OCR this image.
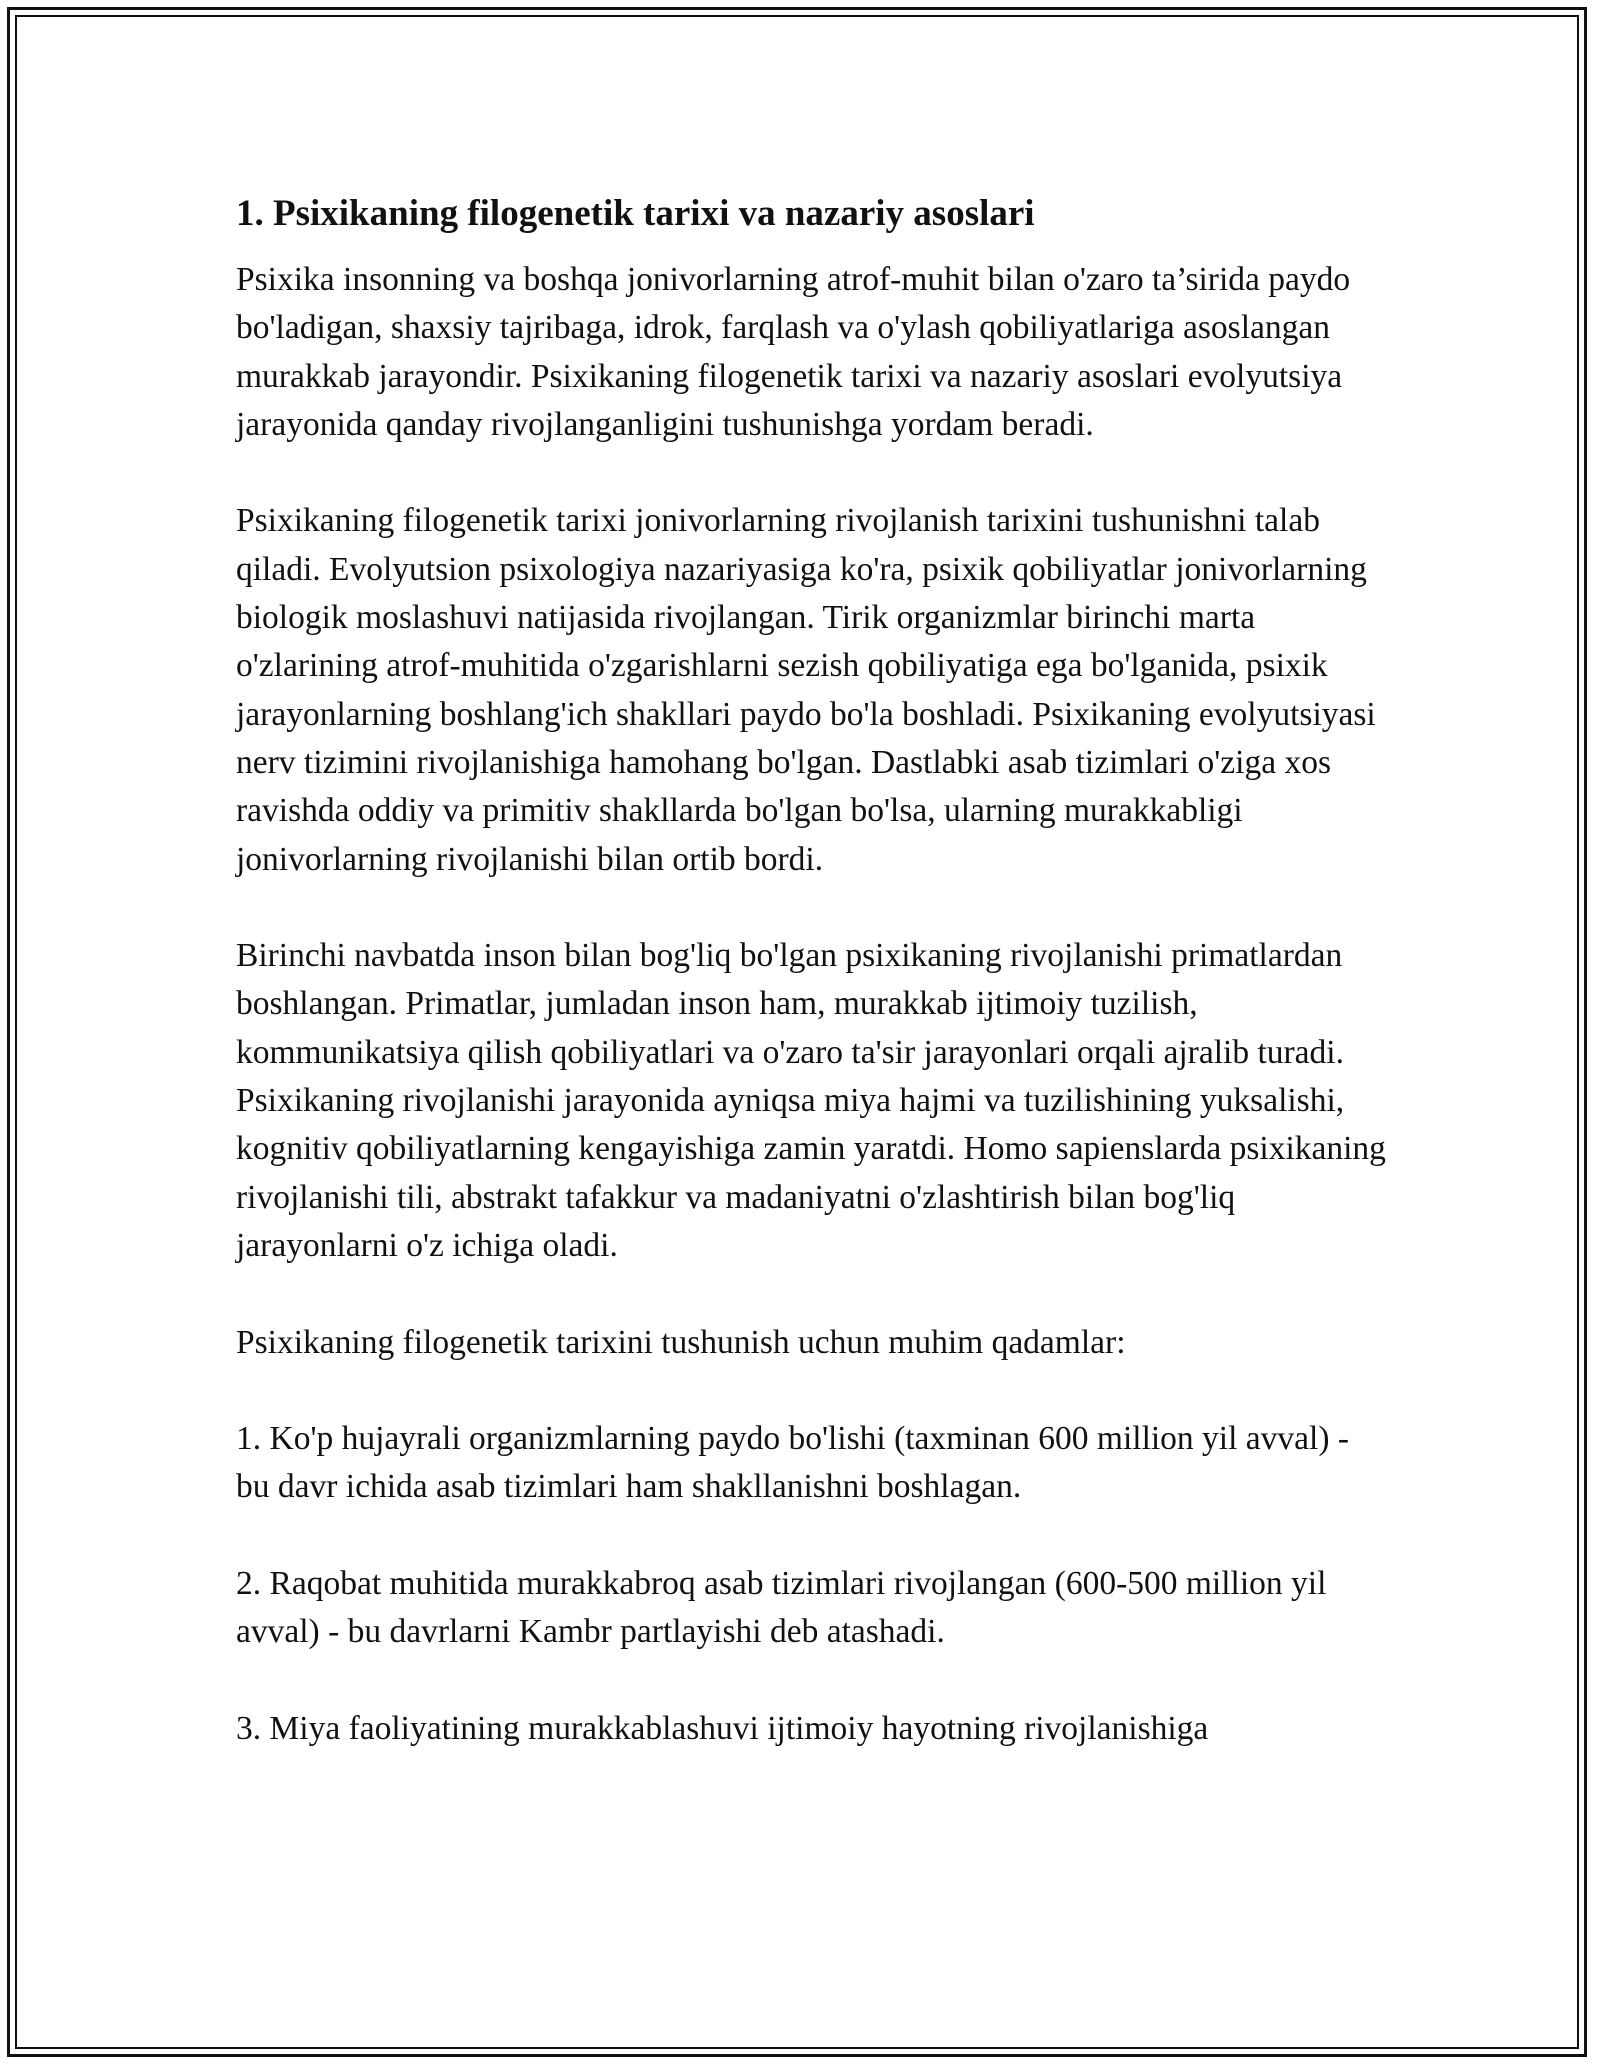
1. Psixikaning filogenetik tarixi va nazariy asoslari

Psixika insonning va boshqa jonivorlarning atrof-muhit bilan o'zaro ta’sirida paydo bo'ladigan, shaxsiy tajribaga, idrok, farqlash va o'ylash qobiliyatlariga asoslangan murakkab jarayondir. Psixikaning filogenetik tarixi va nazariy asoslari evolyutsiya jarayonida qanday rivojlanganligini tushunishga yordam beradi.

Psixikaning filogenetik tarixi jonivorlarning rivojlanish tarixini tushunishni talab qiladi. Evolyutsion psixologiya nazariyasiga ko'ra, psixik qobiliyatlar jonivorlarning biologik moslashuvi natijasida rivojlangan. Tirik organizmlar birinchi marta o'zlarining atrof-muhitida o'zgarishlarni sezish qobiliyatiga ega bo'lganida, psixik jarayonlarning boshlang'ich shakllari paydo bo'la boshladi. Psixikaning evolyutsiyasi nerv tizimini rivojlanishiga hamohang bo'lgan. Dastlabki asab tizimlari o'ziga xos ravishda oddiy va primitiv shakllarda bo'lgan bo'lsa, ularning murakkabligi jonivorlarning rivojlanishi bilan ortib bordi.

Birinchi navbatda inson bilan bog'liq bo'lgan psixikaning rivojlanishi primatlardan boshlangan. Primatlar, jumladan inson ham, murakkab ijtimoiy tuzilish, kommunikatsiya qilish qobiliyatlari va o'zaro ta'sir jarayonlari orqali ajralib turadi. Psixikaning rivojlanishi jarayonida ayniqsa miya hajmi va tuzilishining yuksalishi, kognitiv qobiliyatlarning kengayishiga zamin yaratdi. Homo sapienslarda psixikaning rivojlanishi tili, abstrakt tafakkur va madaniyatni o'zlashtirish bilan bog'liq jarayonlarni o'z ichiga oladi.

Psixikaning filogenetik tarixini tushunish uchun muhim qadamlar:

1. Ko'p hujayrali organizmlarning paydo bo'lishi (taxminan 600 million yil avval) - bu davr ichida asab tizimlari ham shakllanishni boshlagan.

2. Raqobat muhitida murakkabroq asab tizimlari rivojlangan (600-500 million yil avval) - bu davrlarni Kambr partlayishi deb atashadi.

3. Miya faoliyatining murakkablashuvi ijtimoiy hayotning rivojlanishiga
